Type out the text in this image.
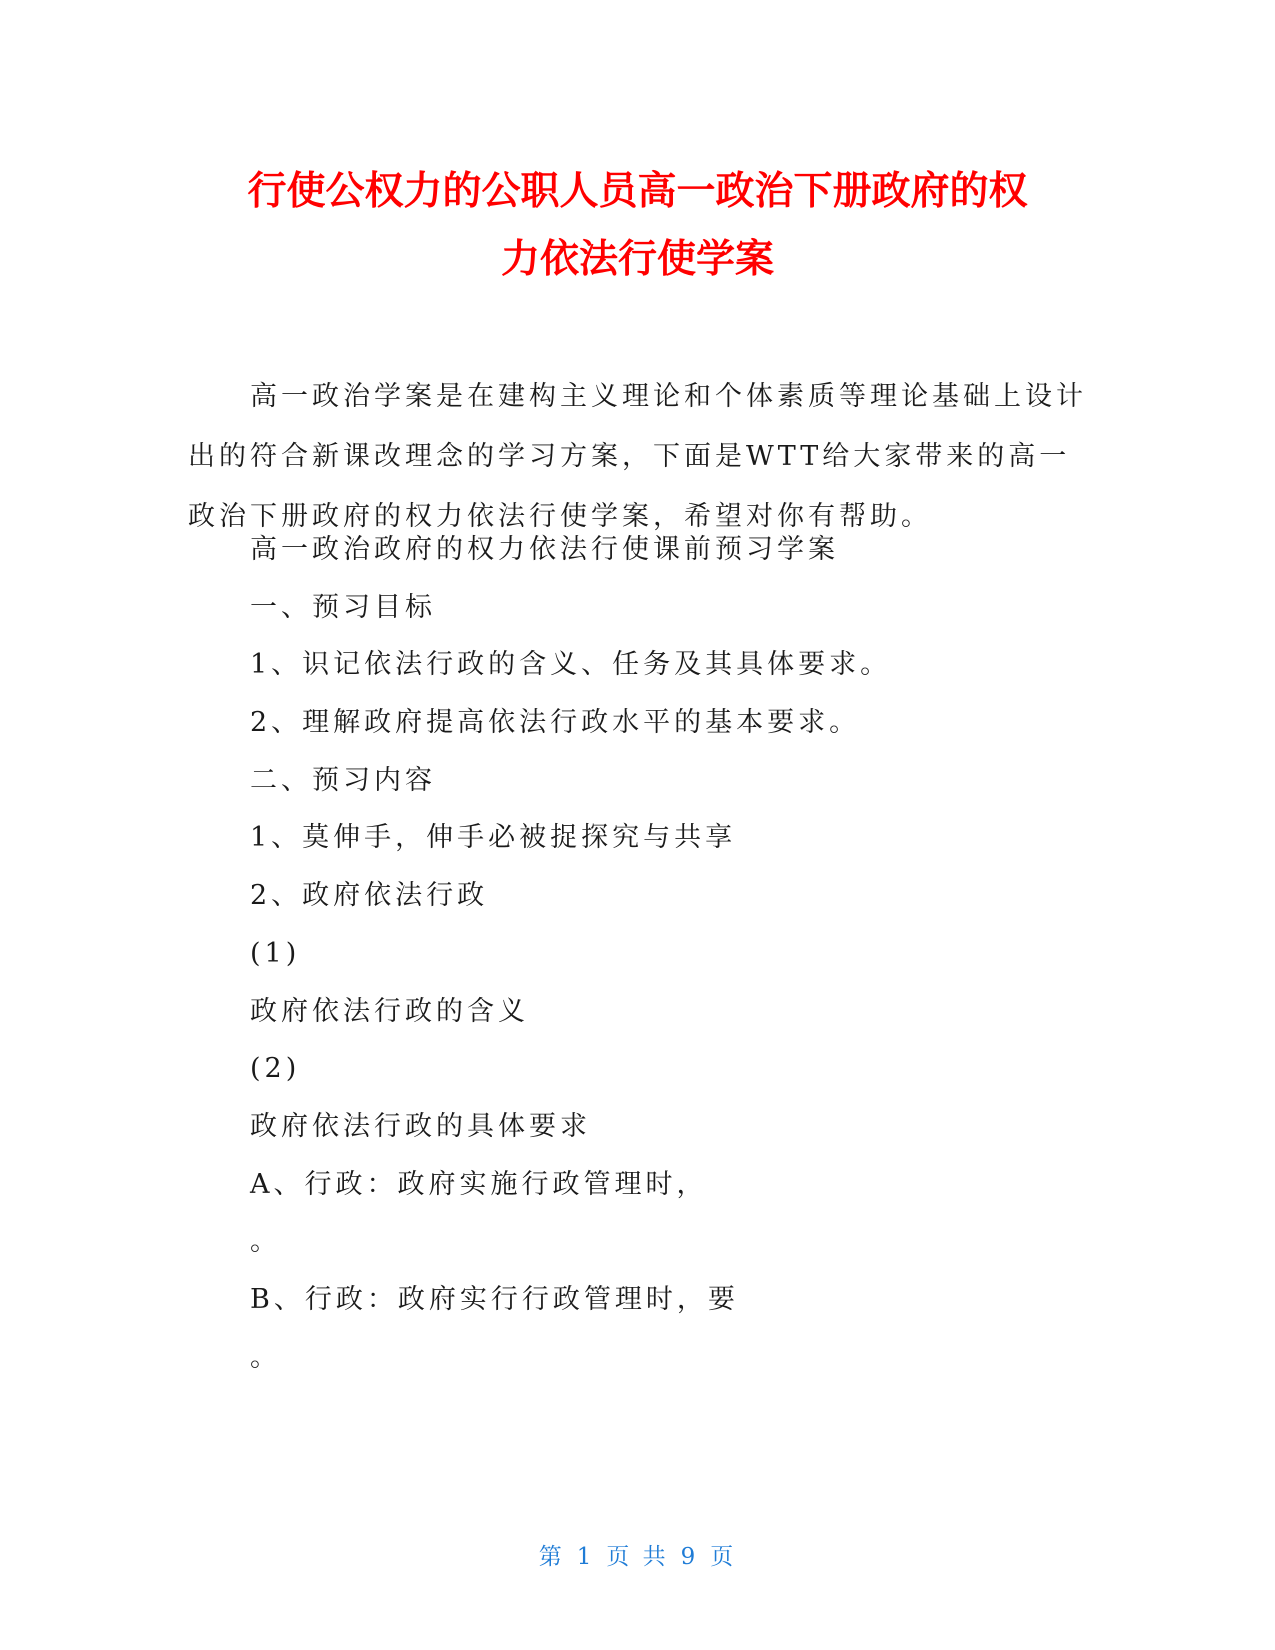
行使公权力的公职人员高一政治下册政府的权
力依法行使学案

高一政治学案是在建构主义理论和个体素质等理论基础上设计出的符合新课改理念的学习方案，下面是WTT给大家带来的高一政治下册政府的权力依法行使学案，希望对你有帮助。

高一政治政府的权力依法行使课前预习学案

一、预习目标

1、识记依法行政的含义、任务及其具体要求。

2、理解政府提高依法行政水平的基本要求。

二、预习内容

1、莫伸手，伸手必被捉探究与共享

2、政府依法行政

(1)

政府依法行政的含义

(2)

政府依法行政的具体要求

A、行政：政府实施行政管理时，

。

B、行政：政府实行行政管理时，要

。

第 1 页 共 9 页
